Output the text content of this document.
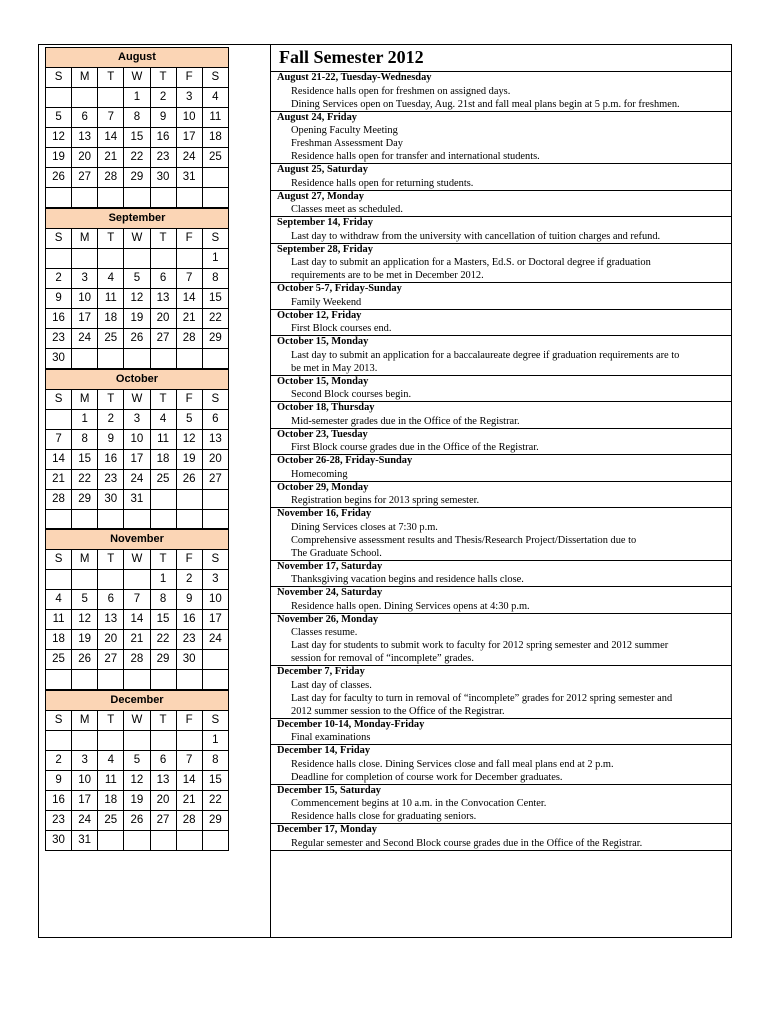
August						
S	M	T	W	T	F	S
			1	2	3	4
5	6	7	8	9	10	11
12	13	14	15	16	17	18
19	20	21	22	23	24	25
26	27	28	29	30	31	

September						
S	M	T	W	T	F	S
						1
2	3	4	5	6	7	8
9	10	11	12	13	14	15
16	17	18	19	20	21	22
23	24	25	26	27	28	29
30						
October						
S	M	T	W	T	F	S
	1	2	3	4	5	6
7	8	9	10	11	12	13
14	15	16	17	18	19	20
21	22	23	24	25	26	27
28	29	30	31			

November						
S	M	T	W	T	F	S
				1	2	3
4	5	6	7	8	9	10
11	12	13	14	15	16	17
18	19	20	21	22	23	24
25	26	27	28	29	30	

December						
S	M	T	W	T	F	S
						1
2	3	4	5	6	7	8
9	10	11	12	13	14	15
16	17	18	19	20	21	22
23	24	25	26	27	28	29
30	31					
Fall Semester 2012
August 21-22, Tuesday-Wednesday
Residence halls open for freshmen on assigned days.
Dining Services open on Tuesday, Aug. 21st and fall meal plans begin at 5 p.m. for freshmen.
August 24, Friday
Opening Faculty Meeting
Freshman Assessment Day
Residence halls open for transfer and international students.
August 25, Saturday
Residence halls open for returning students.
August 27, Monday
Classes meet as scheduled.
September 14, Friday
Last day to withdraw from the university with cancellation of tuition charges and refund.
September 28, Friday
Last day to submit an application for a Masters, Ed.S. or Doctoral degree if graduation
requirements are to be met in December 2012.
October 5-7, Friday-Sunday
Family Weekend
October 12, Friday
First Block courses end.
October 15, Monday
Last day to submit an application for a baccalaureate degree if graduation requirements are to
be met in May 2013.
October 15, Monday
Second Block courses begin.
October 18, Thursday
Mid-semester grades due in the Office of the Registrar.
October 23, Tuesday
First Block course grades due in the Office of the Registrar.
October 26-28, Friday-Sunday
Homecoming
October 29, Monday
Registration begins for 2013 spring semester.
November 16, Friday
Dining Services closes at 7:30 p.m.
Comprehensive assessment results and Thesis/Research Project/Dissertation due to
The Graduate School.
November 17, Saturday
Thanksgiving vacation begins and residence halls close.
November 24, Saturday
Residence halls open. Dining Services opens at 4:30 p.m.
November 26, Monday
Classes resume.
Last day for students to submit work to faculty for 2012 spring semester and 2012 summer
session for removal of “incomplete” grades.
December 7, Friday
Last day of classes.
Last day for faculty to turn in removal of “incomplete” grades for 2012 spring semester and
2012 summer session to the Office of the Registrar.
December 10-14, Monday-Friday
Final examinations
December 14, Friday
Residence halls close. Dining Services close and fall meal plans end at 2 p.m.
Deadline for completion of course work for December graduates.
December 15, Saturday
Commencement begins at 10 a.m. in the Convocation Center.
Residence halls close for graduating seniors.
December 17, Monday
Regular semester and Second Block course grades due in the Office of the Registrar.
